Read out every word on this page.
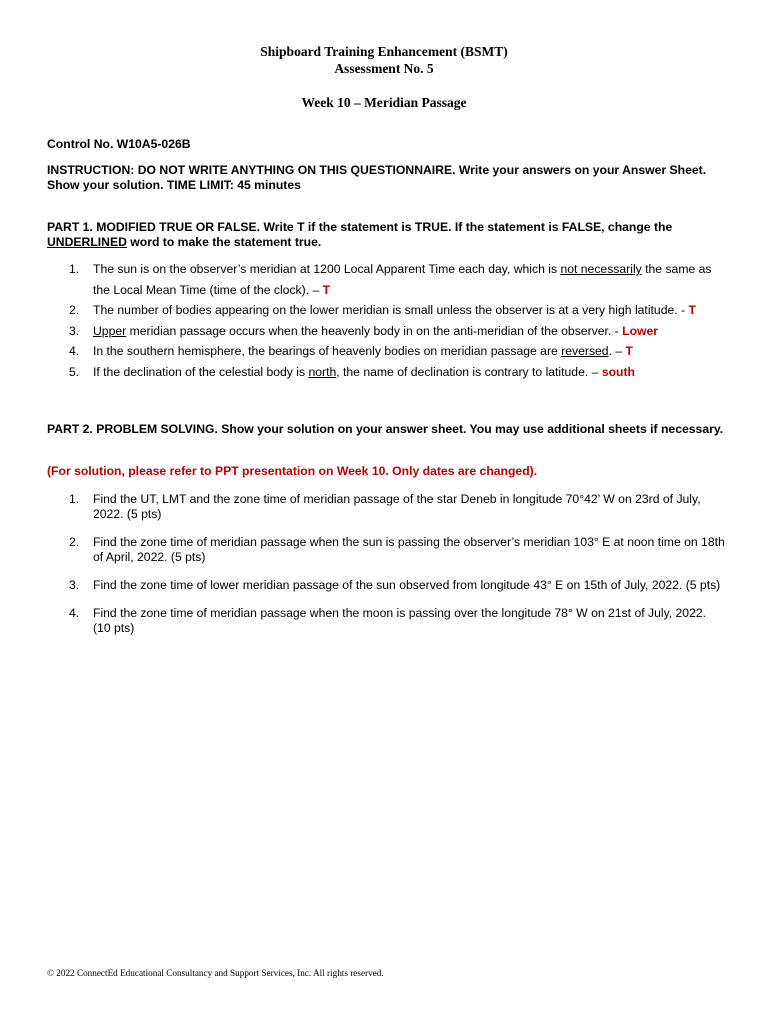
Shipboard Training Enhancement (BSMT)
Assessment No. 5
Week 10 – Meridian Passage
Control No. W10A5-026B
INSTRUCTION: DO NOT WRITE ANYTHING ON THIS QUESTIONNAIRE. Write your answers on your Answer Sheet. Show your solution. TIME LIMIT: 45 minutes
PART 1. MODIFIED TRUE OR FALSE. Write T if the statement is TRUE. If the statement is FALSE, change the UNDERLINED word to make the statement true.
1. The sun is on the observer’s meridian at 1200 Local Apparent Time each day, which is not necessarily the same as the Local Mean Time (time of the clock). – T
2. The number of bodies appearing on the lower meridian is small unless the observer is at a very high latitude. - T
3. Upper meridian passage occurs when the heavenly body in on the anti-meridian of the observer. - Lower
4. In the southern hemisphere, the bearings of heavenly bodies on meridian passage are reversed. – T
5. If the declination of the celestial body is north, the name of declination is contrary to latitude. – south
PART 2. PROBLEM SOLVING. Show your solution on your answer sheet. You may use additional sheets if necessary.
(For solution, please refer to PPT presentation on Week 10. Only dates are changed).
1. Find the UT, LMT and the zone time of meridian passage of the star Deneb in longitude 70°42’ W on 23rd of July, 2022. (5 pts)
2. Find the zone time of meridian passage when the sun is passing the observer’s meridian 103° E at noon time on 18th of April, 2022. (5 pts)
3. Find the zone time of lower meridian passage of the sun observed from longitude 43° E on 15th of July, 2022. (5 pts)
4. Find the zone time of meridian passage when the moon is passing over the longitude 78° W on 21st of July, 2022. (10 pts)
© 2022 ConnectEd Educational Consultancy and Support Services, Inc. All rights reserved.
